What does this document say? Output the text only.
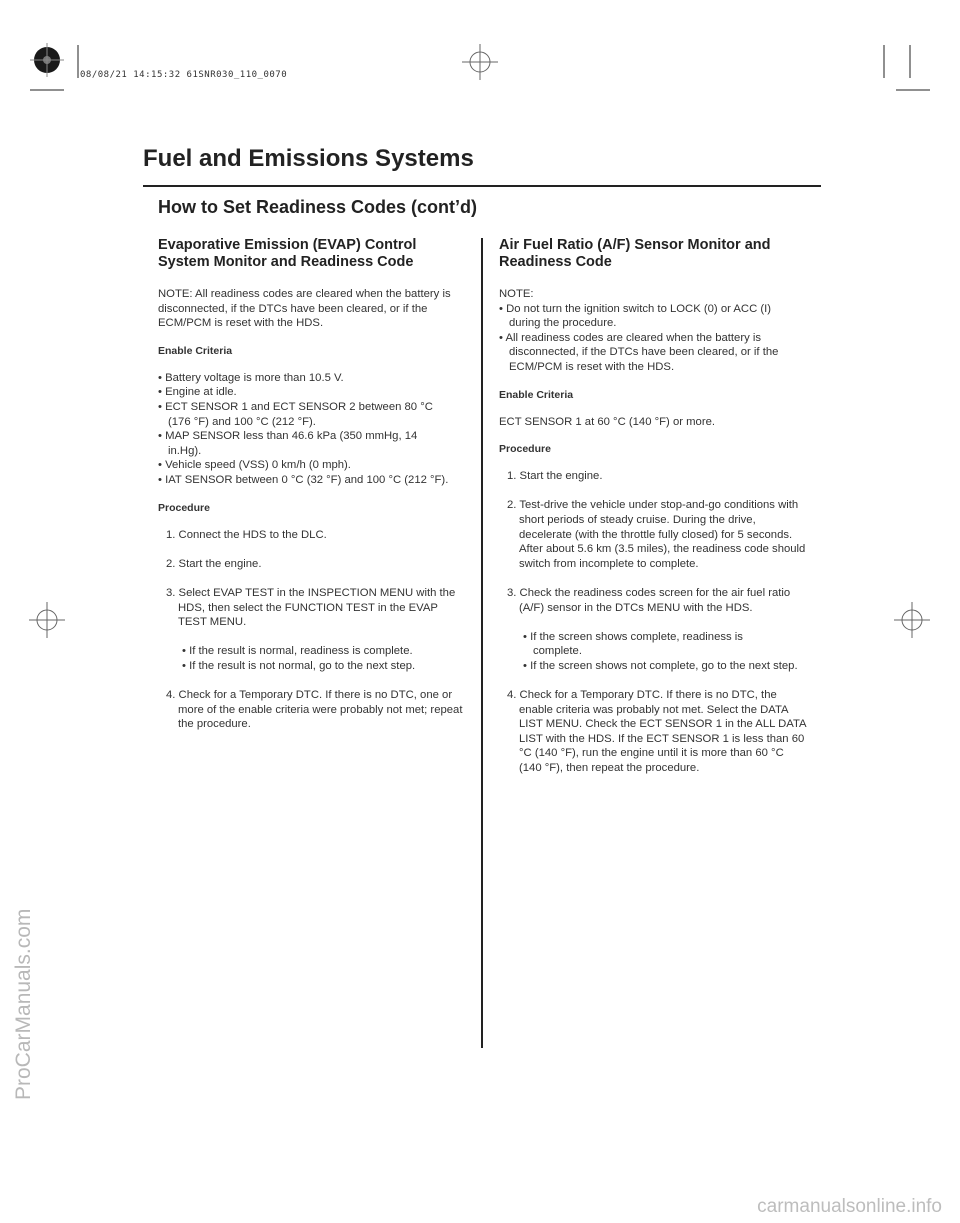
08/08/21 14:15:32 61SNR030_110_0070
Fuel and Emissions Systems
How to Set Readiness Codes (cont’d)
Evaporative Emission (EVAP) Control
System Monitor and Readiness Code
NOTE: All readiness codes are cleared when the battery is disconnected, if the DTCs have been cleared, or if the ECM/PCM is reset with the HDS.
Enable Criteria
• Battery voltage is more than 10.5 V.
• Engine at idle.
• ECT SENSOR 1 and ECT SENSOR 2 between 80 °C (176 °F) and 100 °C (212 °F).
• MAP SENSOR less than 46.6 kPa (350 mmHg, 14 in.Hg).
• Vehicle speed (VSS) 0 km/h (0 mph).
• IAT SENSOR between 0 °C (32 °F) and 100 °C (212 °F).
Procedure
1. Connect the HDS to the DLC.
2. Start the engine.
3. Select EVAP TEST in the INSPECTION MENU with the HDS, then select the FUNCTION TEST in the EVAP TEST MENU.
• If the result is normal, readiness is complete.
• If the result is not normal, go to the next step.
4. Check for a Temporary DTC. If there is no DTC, one or more of the enable criteria were probably not met; repeat the procedure.
Air Fuel Ratio (A/F) Sensor Monitor and
Readiness Code
NOTE:
• Do not turn the ignition switch to LOCK (0) or ACC (I) during the procedure.
• All readiness codes are cleared when the battery is disconnected, if the DTCs have been cleared, or if the ECM/PCM is reset with the HDS.
Enable Criteria
ECT SENSOR 1 at 60 °C (140 °F) or more.
Procedure
1. Start the engine.
2. Test-drive the vehicle under stop-and-go conditions with short periods of steady cruise. During the drive, decelerate (with the throttle fully closed) for 5 seconds. After about 5.6 km (3.5 miles), the readiness code should switch from incomplete to complete.
3. Check the readiness codes screen for the air fuel ratio (A/F) sensor in the DTCs MENU with the HDS.
• If the screen shows complete, readiness is complete.
• If the screen shows not complete, go to the next step.
4. Check for a Temporary DTC. If there is no DTC, the enable criteria was probably not met. Select the DATA LIST MENU. Check the ECT SENSOR 1 in the ALL DATA LIST with the HDS. If the ECT SENSOR 1 is less than 60 °C (140 °F), run the engine until it is more than 60 °C (140 °F), then repeat the procedure.
ProCarManuals.com
carmanualsonline.info
